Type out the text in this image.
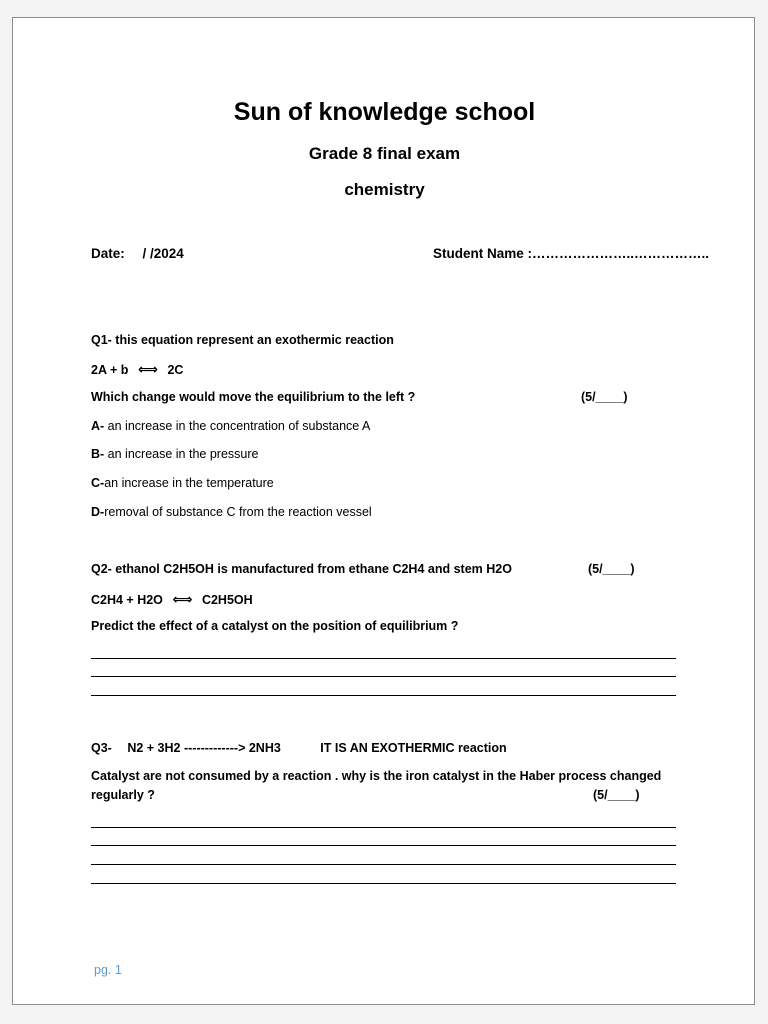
Sun of knowledge school
Grade 8 final exam
chemistry
Date: / /2024	Student Name :…………………..……………..
Q1- this equation represent an exothermic reaction
2A + b ⟺ 2C
Which change would move the equilibrium to the left ?	(5/____)
A- an increase in the concentration of substance A
B- an increase in the pressure
C-an increase in the temperature
D-removal of substance C from the reaction vessel
Q2- ethanol C2H5OH is manufactured from ethane C2H4 and stem H2O	(5/____)
C2H4 + H2O ⟺ C2H5OH
Predict the effect of a catalyst on the position of equilibrium ?
Q3- N2 + 3H2 -------------> 2NH3	IT IS AN EXOTHERMIC reaction
Catalyst are not consumed by a reaction . why is the iron catalyst in the Haber process changed
regularly ?	(5/____)
pg. 1
